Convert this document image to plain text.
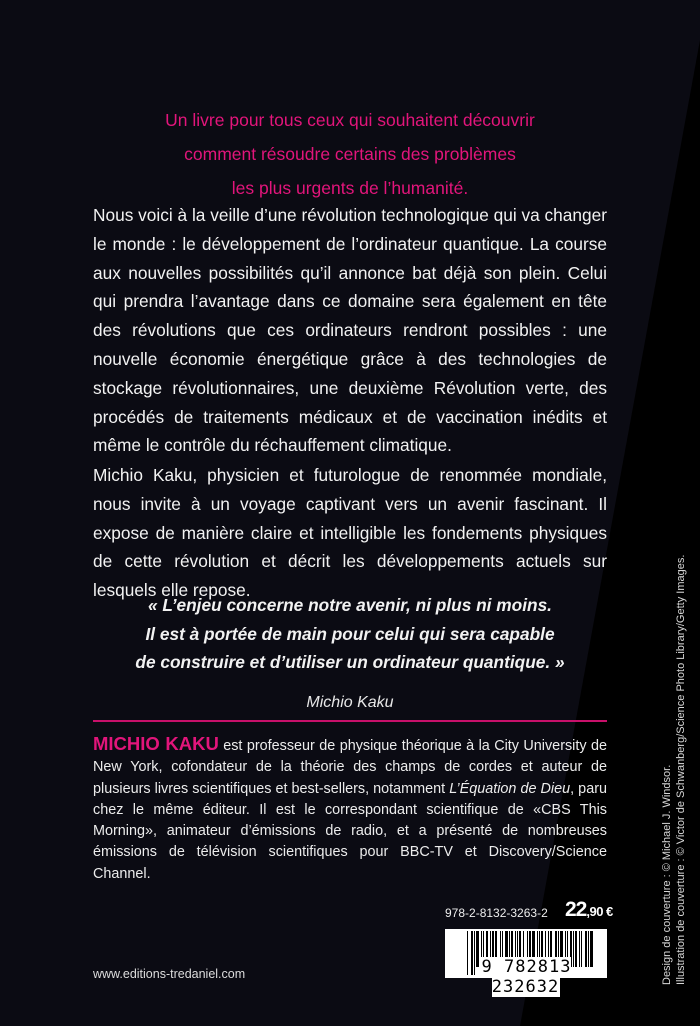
Un livre pour tous ceux qui souhaitent découvrir
comment résoudre certains des problèmes
les plus urgents de l’humanité.

Nous voici à la veille d’une révolution technologique qui va changer le monde : le développement de l’ordinateur quantique. La course aux nouvelles possibilités qu’il annonce bat déjà son plein. Celui qui prendra l’avantage dans ce domaine sera également en tête des révolutions que ces ordinateurs rendront possibles : une nouvelle économie énergétique grâce à des technologies de stockage révolutionnaires, une deuxième Révolution verte, des procédés de traitements médicaux et de vaccination inédits et même le contrôle du réchauffement climatique.

Michio Kaku, physicien et futurologue de renommée mondiale, nous invite à un voyage captivant vers un avenir fascinant. Il expose de manière claire et intelligible les fondements physiques de cette révolution et décrit les développements actuels sur lesquels elle repose.

« L’enjeu concerne notre avenir, ni plus ni moins.
Il est à portée de main pour celui qui sera capable
de construire et d’utiliser un ordinateur quantique. »
Michio Kaku

MICHIO KAKU est professeur de physique théorique à la City University de New York, cofondateur de la théorie des champs de cordes et auteur de plusieurs livres scientifiques et best-sellers, notamment L’Équation de Dieu, paru chez le même éditeur. Il est le correspondant scientifique de «CBS This Morning», animateur d’émissions de radio, et a présenté de nombreuses émissions de télévision scientifiques pour BBC-TV et Discovery/Science Channel.

978-2-8132-3263-2 22,90 €
9 782813 232632
www.editions-tredaniel.com	Design de couverture : © Michael J. Windsor. Illustration de couverture : © Victor de Schwanberg/Science Photo Library/Getty Images.
